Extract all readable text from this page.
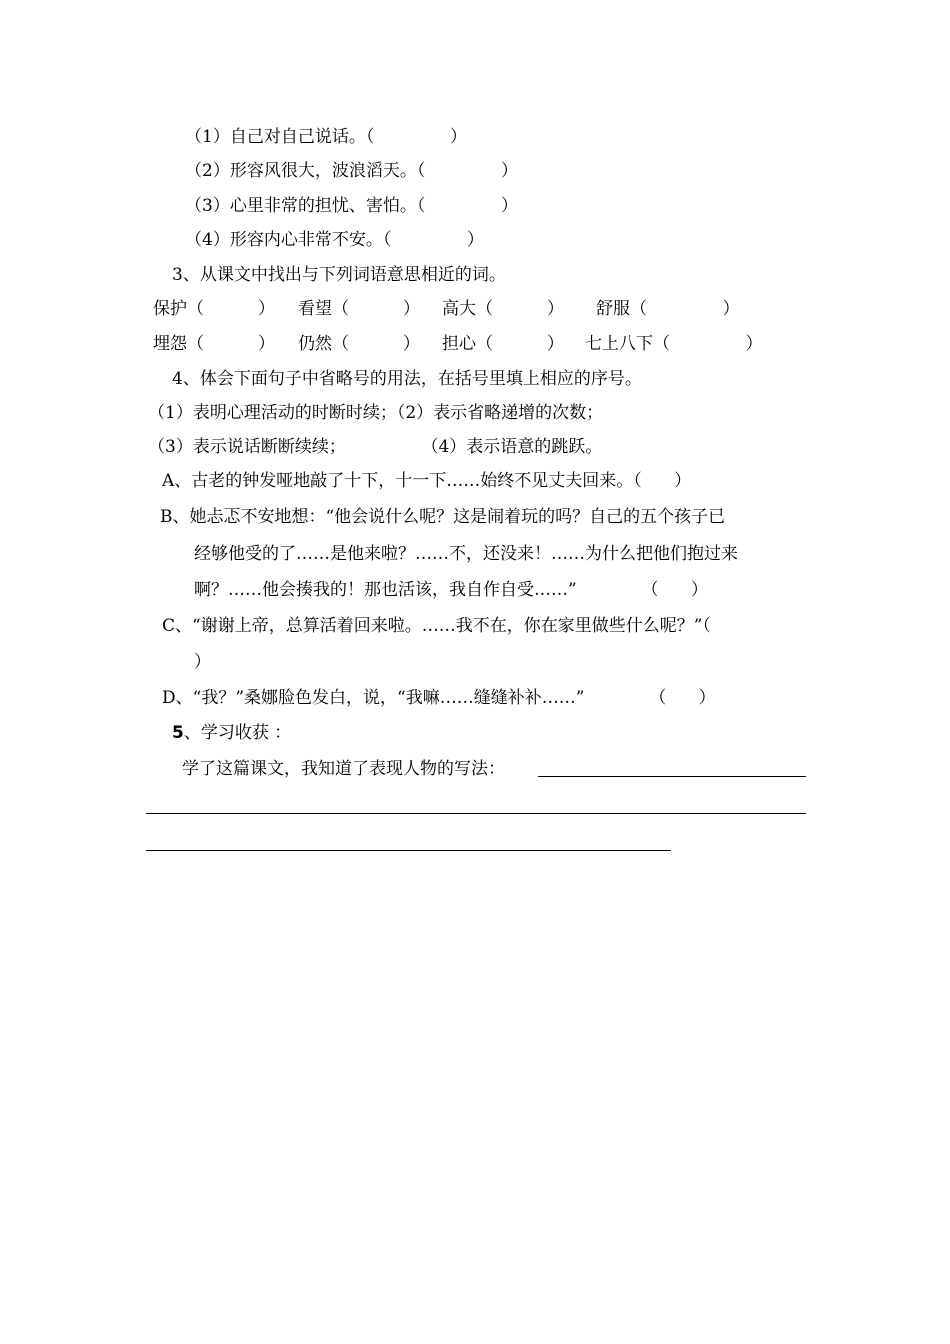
（1）自己对自己说话。（              ）
（2）形容风很大，波浪滔天。（              ）
（3）心里非常的担忧、害怕。（              ）
（4）形容内心非常不安。（              ）
3、从课文中找出与下列词语意思相近的词。
保护（          ） 看望（          ） 高大（          ） 舒服（              ）
埋怨（          ） 仍然（          ） 担心（          ） 七上八下（              ）
4、体会下面句子中省略号的用法，在括号里填上相应的序号。
（1）表明心理活动的时断时续；（2）表示省略递增的次数；
（3）表示说话断断续续；              （4）表示语意的跳跃。
A、古老的钟发哑地敲了十下，十一下……始终不见丈夫回来。（      ）
B、她忐忑不安地想：“他会说什么呢？这是闹着玩的吗？自己的五个孩子已
经够他受的了……是他来啦？……不，还没来！……为什么把他们抱过来
啊？……他会揍我的！那也活该，我自作自受……”            （      ）
C、“谢谢上帝，总算活着回来啦。……我不在，你在家里做些什么呢？”（
）
D、“我？”桑娜脸色发白，说，“我嘛……缝缝补补……”            （      ）
5、学习收获 ：
学了这篇课文，我知道了表现人物的写法：
